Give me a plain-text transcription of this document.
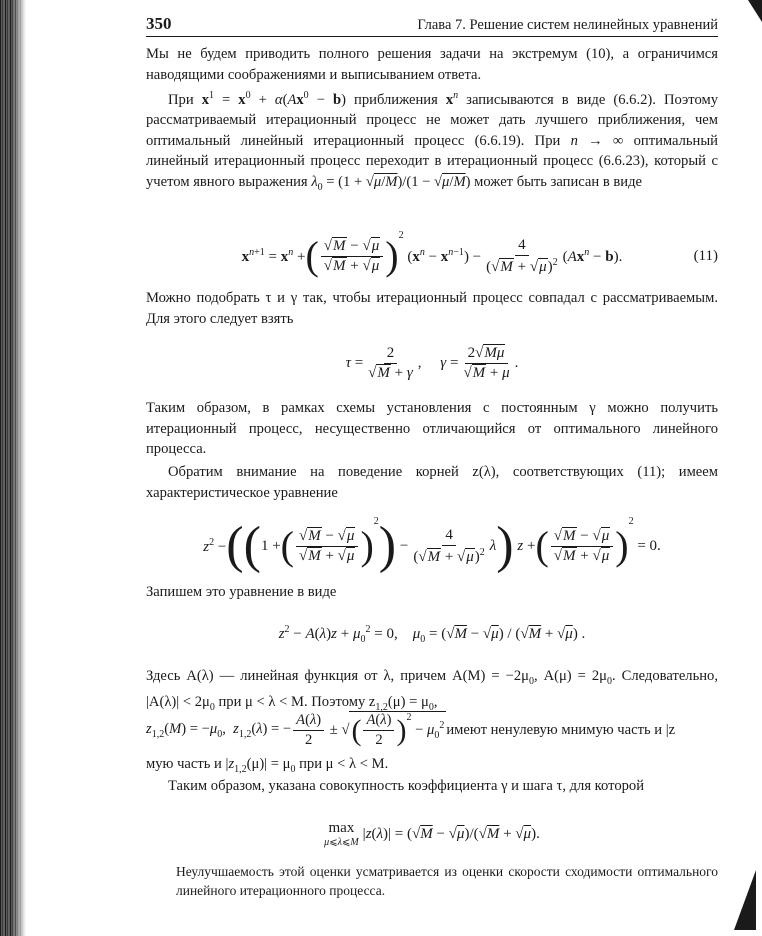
350	Глава 7. Решение систем нелинейных уравнений

Мы не будем приводить полного решения задачи на экстремум (10), а ограничимся наводящими соображениями и выписыванием ответа.

При $x^1 = x^0 + \alpha(Ax^0 - b)$ приближения $x^n$ записываются в виде (6.6.2). Поэтому рассматриваемый итерационный процесс не может дать лучшего приближения, чем оптимальный линейный итерационный процесс (6.6.19). При n → ∞ оптимальный линейный итерационный процесс переходит в итерационный процесс (6.6.23), который с учетом явного выражения $\lambda_0 = (1 + √\mu/M)/(1 - √\mu/M)$ может быть записан в виде

$x^{n+1} = x^n$ + ( $\frac{√M - √\mu}{√M + √\mu} )^2$
$(x^n - x^{n-1}) - \frac{4}{(√M + √\mu)^2} (Ax^n - b)$.	(11)

Можно подобрать τ и γ так, чтобы итерационный процесс совпадал с рассматриваемым. Для этого следует взять

$\tau = \frac{2}{√M + \gamma}$ ,     $\gamma = \frac{2√M\mu}{√M + \mu}$ .

Таким образом, в рамках схемы установления с постоянным γ можно получить итерационный процесс, несущественно отличающийся от оптимального линейного процесса.

Обратим внимание на поведение корней z(λ), соответствующих (11); имеем характеристическое уравнение

$z^2$ − ( ( 1 + ( $\frac{√M - √\mu}{√M + √\mu}$ )
$^2$ ) − $\frac{4}{(√M + √\mu)^2}$ λ ) z + ( $\frac{√M - √\mu}{√M + √\mu}$ )
$^2$
= 0.

Запишем это уравнение в виде

$z^2 - A(\lambda)z + \mu_0^2 = 0$,    $\mu_0 = (√M - √\mu) / (√M + √\mu)$ .

Здесь A(λ) — линейная функция от λ, причем $A(M) = -2\mu_0$, $A(\mu) = 2\mu_0$. Следовательно, $|A(\lambda)| < 2\mu_0$ при μ < λ < M. Поэтому $z_{1,2}(\mu) = \mu_0$,

$z_{1,2}(M) = -\mu_0$,  $z_{1,2}(\lambda)$ = − $\frac{A(\lambda)}{2}$ ± √ ( $\frac{A(\lambda)}{2} )^2$
− $\mu_0^2$ имеют ненулевую мнимую часть и |z

мую часть и $|z_{1,2}(\mu)| = \mu_0$ при μ < λ < M.

Таким образом, указана совокупность коэффициента γ и шага τ, для которой

max
μ⩽λ⩽M
|z(λ)| = (√M − √μ)/(√M + √μ).
Неулучшаемость этой оценки усматривается из оценки скорости сходимости оптимального линейного итерационного процесса.
